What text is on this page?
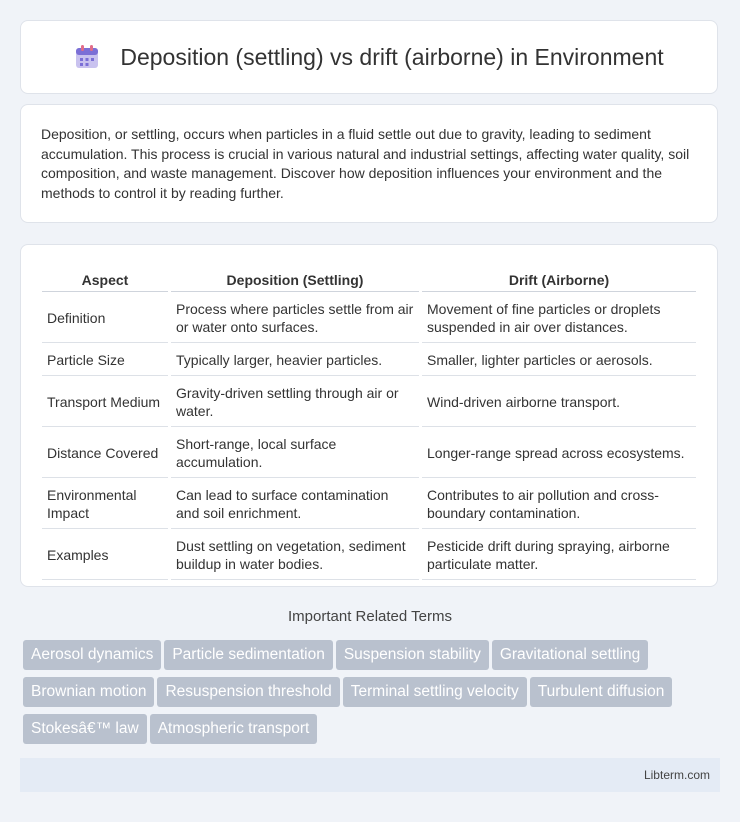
Deposition (settling) vs drift (airborne) in Environment

Deposition, or settling, occurs when particles in a fluid settle out due to gravity, leading to sediment accumulation. This process is crucial in various natural and industrial settings, affecting water quality, soil composition, and waste management. Discover how deposition influences your environment and the methods to control it by reading further.

Aspect	Deposition (Settling)	Drift (Airborne)
Definition	Process where particles settle from air or water onto surfaces.	Movement of fine particles or droplets suspended in air over distances.
Particle Size	Typically larger, heavier particles.	Smaller, lighter particles or aerosols.
Transport Medium	Gravity-driven settling through air or water.	Wind-driven airborne transport.
Distance Covered	Short-range, local surface accumulation.	Longer-range spread across ecosystems.
Environmental Impact	Can lead to surface contamination and soil enrichment.	Contributes to air pollution and cross-boundary contamination.
Examples	Dust settling on vegetation, sediment buildup in water bodies.	Pesticide drift during spraying, airborne particulate matter.
Important Related Terms
Aerosol dynamics Particle sedimentation Suspension stability Gravitational settling
Brownian motion Resuspension threshold Terminal settling velocity Turbulent diffusion
Stokesâ€™ law Atmospheric transport
Libterm.com
